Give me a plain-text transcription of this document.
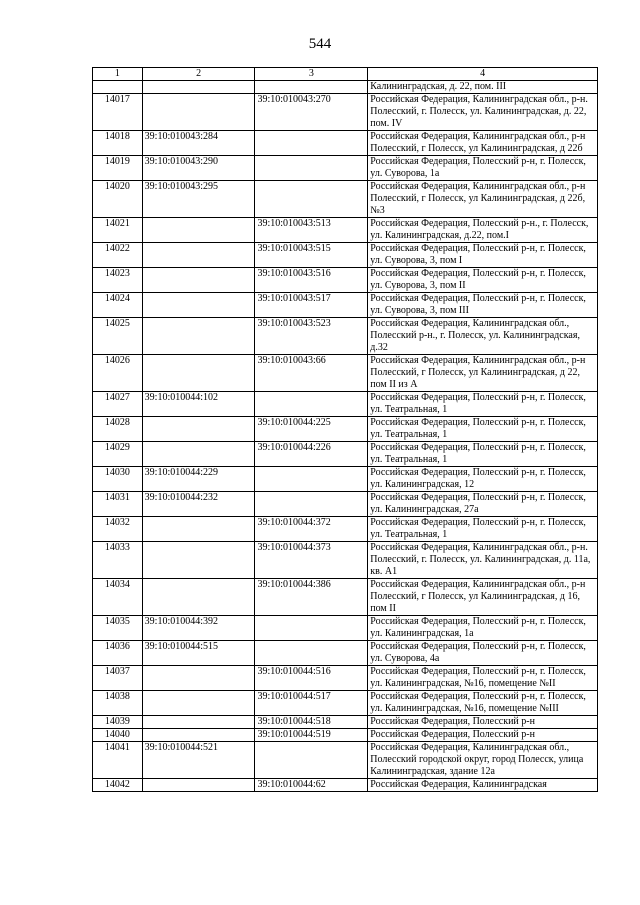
544
1	2	3	4
			Калининградская, д. 22, пом. III
14017		39:10:010043:270	Российская Федерация, Калининградская обл., р-н. Полесский, г. Полесск, ул. Калининградская, д. 22, пом. IV
14018	39:10:010043:284		Российская Федерация, Калининградская обл., р-н Полесский, г Полесск, ул Калининградская, д 22б
14019	39:10:010043:290		Российская Федерация, Полесский р-н, г. Полесск, ул. Суворова, 1а
14020	39:10:010043:295		Российская Федерация, Калининградская обл., р-н Полесский, г Полесск, ул Калининградская, д 22б, №3
14021		39:10:010043:513	Российская Федерация, Полесский р-н., г. Полесск, ул. Калининградская, д.22, пом.I
14022		39:10:010043:515	Российская Федерация, Полесский р-н, г. Полесск, ул. Суворова, 3, пом I
14023		39:10:010043:516	Российская Федерация, Полесский р-н, г. Полесск, ул. Суворова, 3, пом II
14024		39:10:010043:517	Российская Федерация, Полесский р-н, г. Полесск, ул. Суворова, 3, пом III
14025		39:10:010043:523	Российская Федерация, Калининградская обл., Полесский р-н., г. Полесск, ул. Калининградская, д.32
14026		39:10:010043:66	Российская Федерация, Калининградская обл., р-н Полесский, г Полесск, ул Калининградская, д 22, пом II из А
14027	39:10:010044:102		Российская Федерация, Полесский р-н, г. Полесск, ул. Театральная, 1
14028		39:10:010044:225	Российская Федерация, Полесский р-н, г. Полесск, ул. Театральная, 1
14029		39:10:010044:226	Российская Федерация, Полесский р-н, г. Полесск, ул. Театральная, 1
14030	39:10:010044:229		Российская Федерация, Полесский р-н, г. Полесск, ул. Калининградская, 12
14031	39:10:010044:232		Российская Федерация, Полесский р-н, г. Полесск, ул. Калининградская, 27а
14032		39:10:010044:372	Российская Федерация, Полесский р-н, г. Полесск, ул. Театральная, 1
14033		39:10:010044:373	Российская Федерация, Калининградская обл., р-н. Полесский, г. Полесск, ул. Калининградская, д. 11а, кв. А1
14034		39:10:010044:386	Российская Федерация, Калининградская обл., р-н Полесский, г Полесск, ул Калининградская, д 16, пом II
14035	39:10:010044:392		Российская Федерация, Полесский р-н, г. Полесск, ул. Калининградская, 1а
14036	39:10:010044:515		Российская Федерация, Полесский р-н, г. Полесск, ул. Суворова, 4а
14037		39:10:010044:516	Российская Федерация, Полесский р-н, г. Полесск, ул. Калининградская, №16, помещение №II
14038		39:10:010044:517	Российская Федерация, Полесский р-н, г. Полесск, ул. Калининградская, №16, помещение №III
14039		39:10:010044:518	Российская Федерация, Полесский р-н
14040		39:10:010044:519	Российская Федерация, Полесский р-н
14041	39:10:010044:521		Российская Федерация, Калининградская обл., Полесский городской округ, город Полесск, улица Калининградская, здание 12а
14042		39:10:010044:62	Российская Федерация, Калининградская
